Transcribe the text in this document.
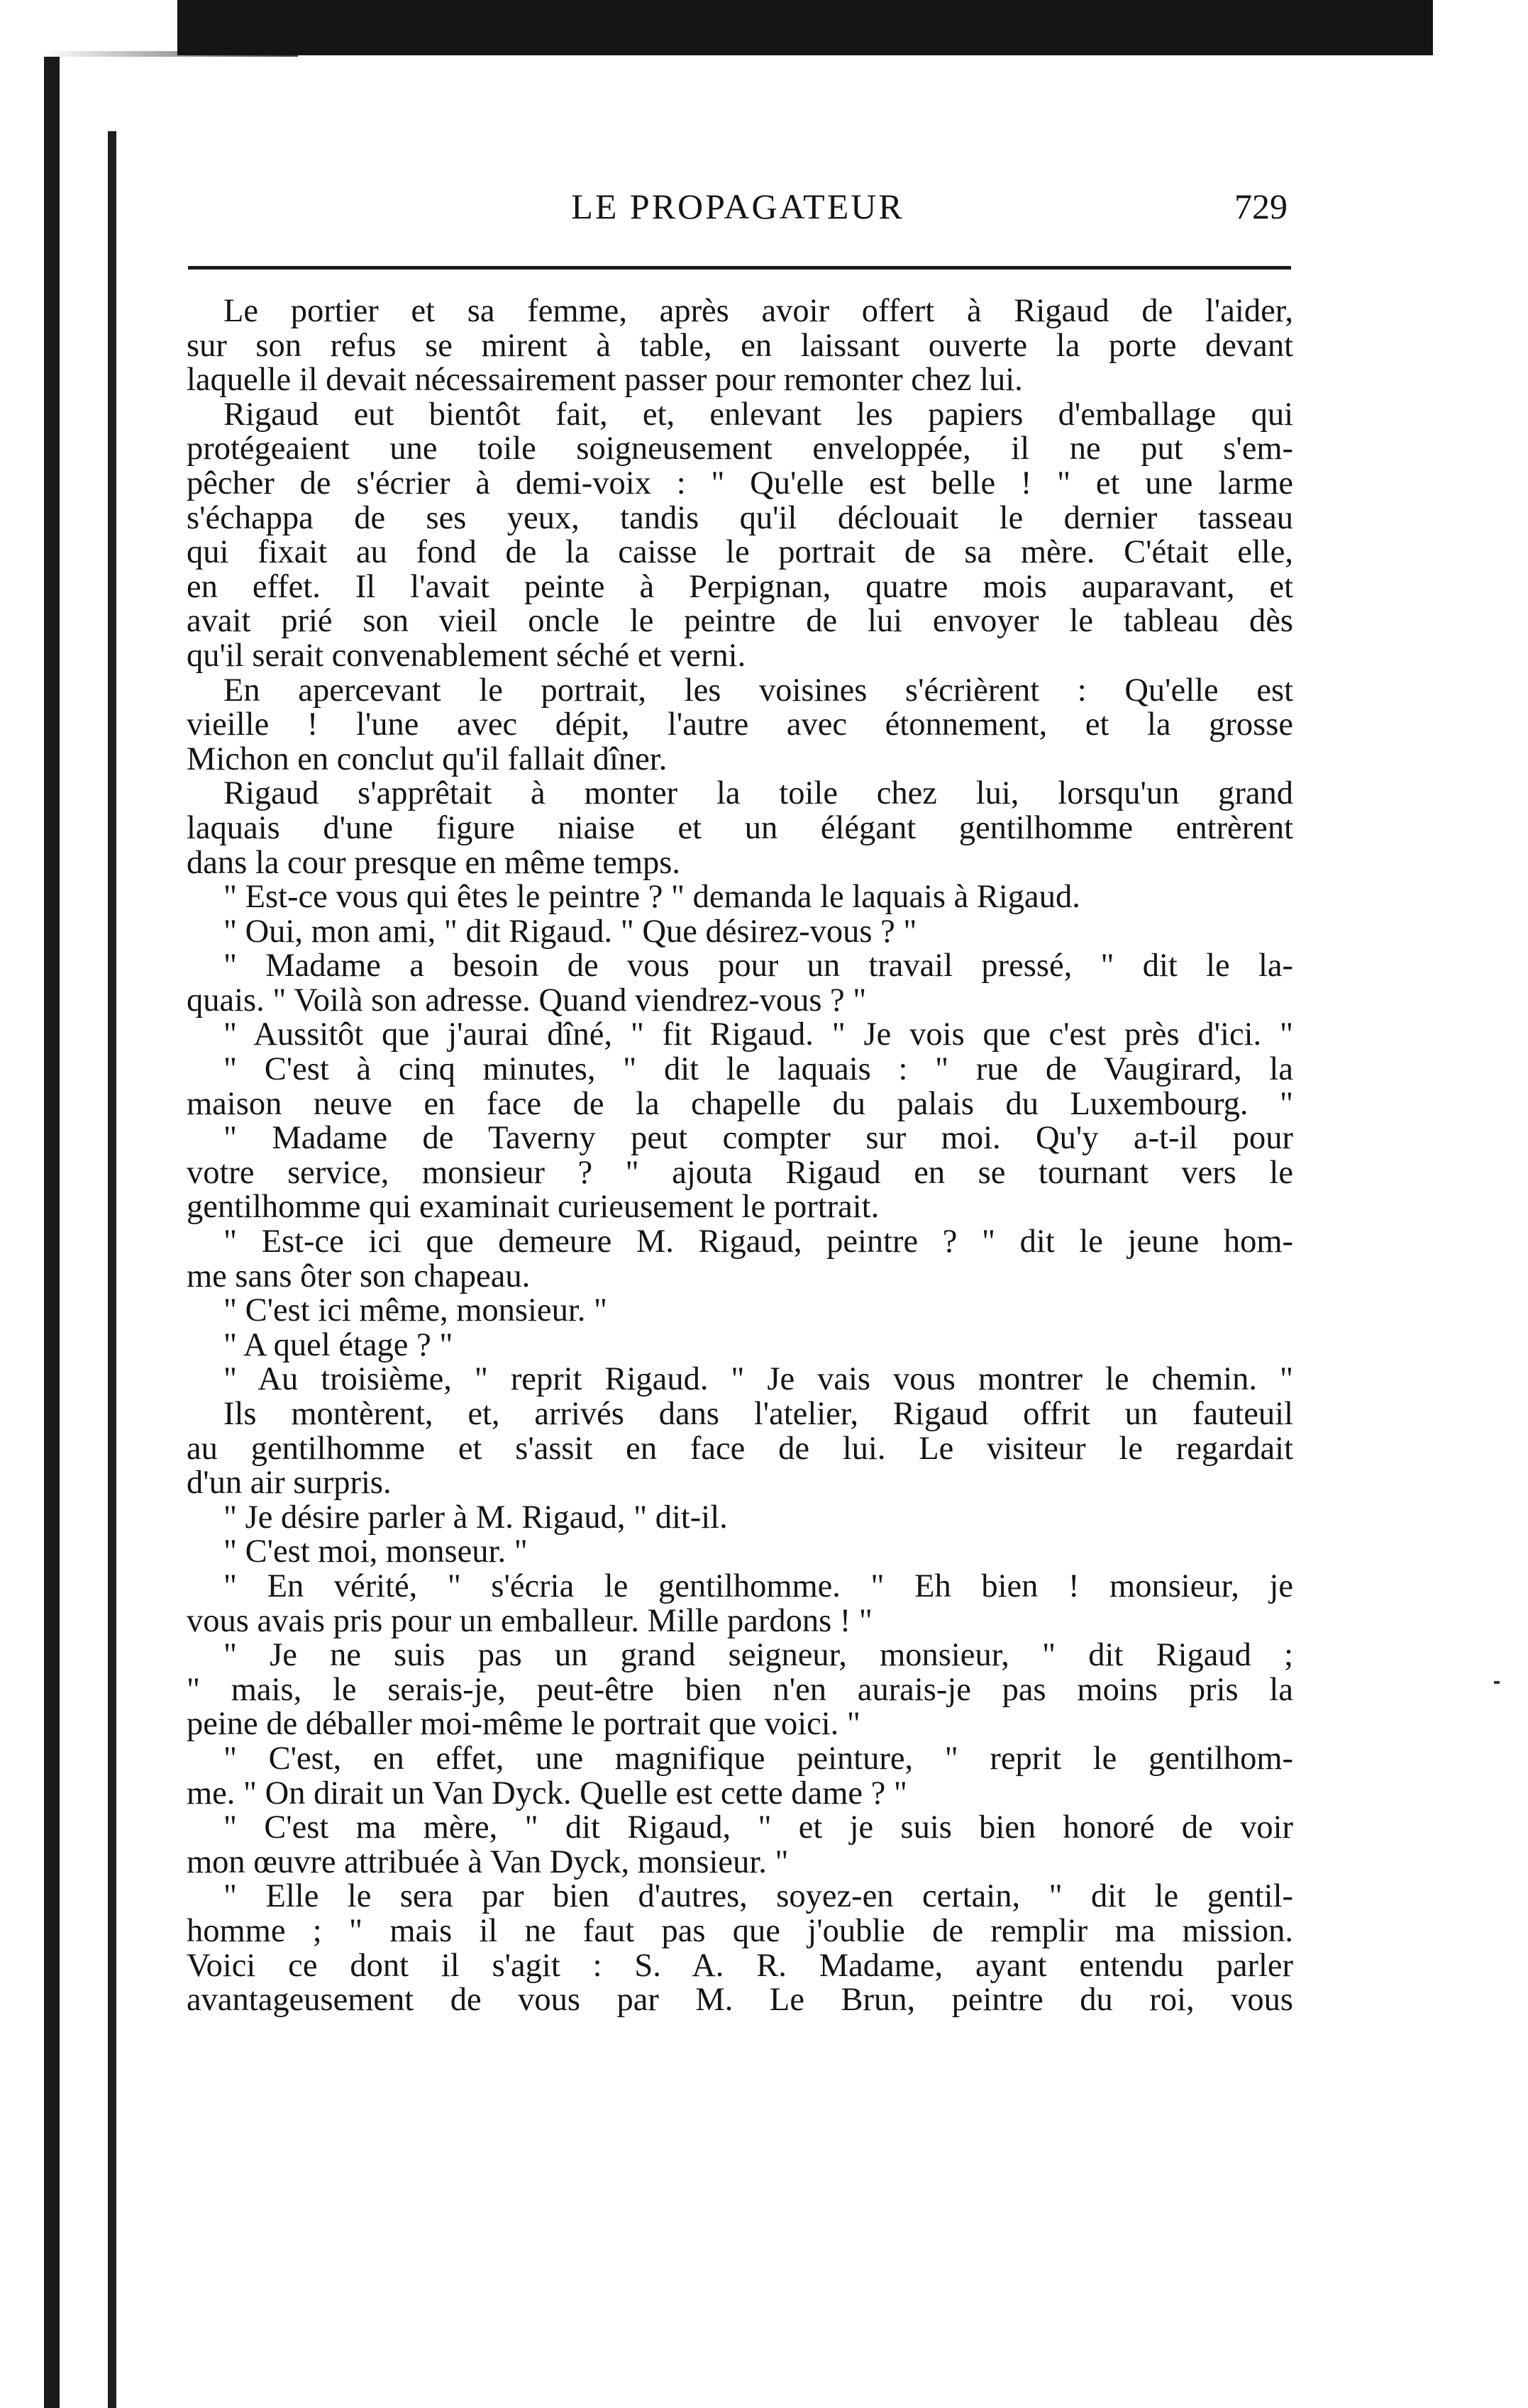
LE PROPAGATEUR	729
Le portier et sa femme, après avoir offert à Rigaud de l'aider,
sur son refus se mirent à table, en laissant ouverte la porte devant
laquelle il devait nécessairement passer pour remonter chez lui.
Rigaud eut bientôt fait, et, enlevant les papiers d'emballage qui
protégeaient une toile soigneusement enveloppée, il ne put s'em-
pêcher de s'écrier à demi-voix : " Qu'elle est belle ! " et une larme
s'échappa de ses yeux, tandis qu'il déclouait le dernier tasseau
qui fixait au fond de la caisse le portrait de sa mère. C'était elle,
en effet. Il l'avait peinte à Perpignan, quatre mois auparavant, et
avait prié son vieil oncle le peintre de lui envoyer le tableau dès
qu'il serait convenablement séché et verni.
En apercevant le portrait, les voisines s'écrièrent : Qu'elle est
vieille ! l'une avec dépit, l'autre avec étonnement, et la grosse
Michon en conclut qu'il fallait dîner.
Rigaud s'apprêtait à monter la toile chez lui, lorsqu'un grand
laquais d'une figure niaise et un élégant gentilhomme entrèrent
dans la cour presque en même temps.
" Est-ce vous qui êtes le peintre ? " demanda le laquais à Rigaud.
" Oui, mon ami, " dit Rigaud. " Que désirez-vous ? "
" Madame a besoin de vous pour un travail pressé, " dit le la-
quais. " Voilà son adresse. Quand viendrez-vous ? "
" Aussitôt que j'aurai dîné, " fit Rigaud. " Je vois que c'est près d'ici. "
" C'est à cinq minutes, " dit le laquais : " rue de Vaugirard, la
maison neuve en face de la chapelle du palais du Luxembourg. "
" Madame de Taverny peut compter sur moi. Qu'y a-t-il pour
votre service, monsieur ? " ajouta Rigaud en se tournant vers le
gentilhomme qui examinait curieusement le portrait.
" Est-ce ici que demeure M. Rigaud, peintre ? " dit le jeune hom-
me sans ôter son chapeau.
" C'est ici même, monsieur. "
" A quel étage ? "
" Au troisième, " reprit Rigaud. " Je vais vous montrer le chemin. "
Ils montèrent, et, arrivés dans l'atelier, Rigaud offrit un fauteuil
au gentilhomme et s'assit en face de lui. Le visiteur le regardait
d'un air surpris.
" Je désire parler à M. Rigaud, " dit-il.
" C'est moi, monseur. "
" En vérité, " s'écria le gentilhomme. " Eh bien ! monsieur, je
vous avais pris pour un emballeur. Mille pardons ! "
" Je ne suis pas un grand seigneur, monsieur, " dit Rigaud ;
" mais, le serais-je, peut-être bien n'en aurais-je pas moins pris la
peine de déballer moi-même le portrait que voici. "
" C'est, en effet, une magnifique peinture, " reprit le gentilhom-
me. " On dirait un Van Dyck. Quelle est cette dame ? "
" C'est ma mère, " dit Rigaud, " et je suis bien honoré de voir
mon œuvre attribuée à Van Dyck, monsieur. "
" Elle le sera par bien d'autres, soyez-en certain, " dit le gentil-
homme ; " mais il ne faut pas que j'oublie de remplir ma mission.
Voici ce dont il s'agit : S. A. R. Madame, ayant entendu parler
avantageusement de vous par M. Le Brun, peintre du roi, vous
